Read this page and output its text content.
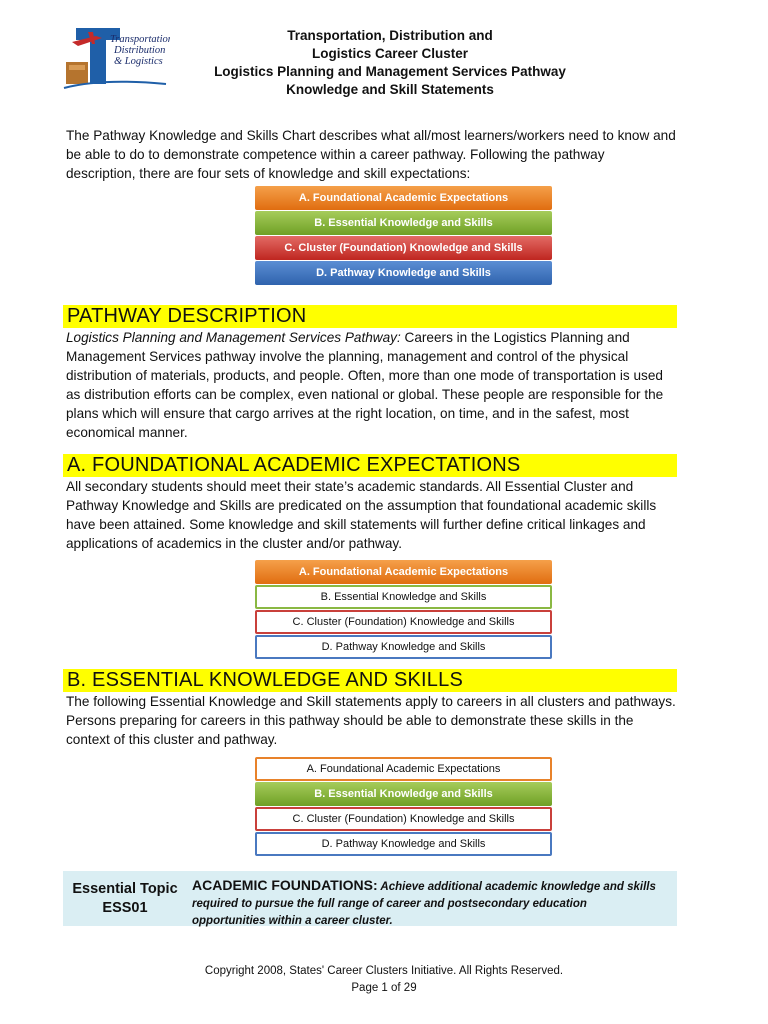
Transportation,
Distribution
& Logistics
Transportation, Distribution and
Logistics Career Cluster
Logistics Planning and Management Services Pathway
Knowledge and Skill Statements
The Pathway Knowledge and Skills Chart describes what all/most learners/workers need to know and be able to do to demonstrate competence within a career pathway. Following the pathway description, there are four sets of knowledge and skill expectations:
A. Foundational Academic Expectations
B. Essential Knowledge and Skills
C. Cluster (Foundation) Knowledge and Skills
D. Pathway Knowledge and Skills
PATHWAY DESCRIPTION
Logistics Planning and Management Services Pathway: Careers in the Logistics Planning and Management Services pathway involve the planning, management and control of the physical distribution of materials, products, and people. Often, more than one mode of transportation is used as distribution efforts can be complex, even national or global. These people are responsible for the plans which will ensure that cargo arrives at the right location, on time, and in the safest, most economical manner.
A. FOUNDATIONAL ACADEMIC EXPECTATIONS
All secondary students should meet their state’s academic standards. All Essential Cluster and Pathway Knowledge and Skills are predicated on the assumption that foundational academic skills have been attained. Some knowledge and skill statements will further define critical linkages and applications of academics in the cluster and/or pathway.
A. Foundational Academic Expectations
B. Essential Knowledge and Skills
C. Cluster (Foundation) Knowledge and Skills
D. Pathway Knowledge and Skills
B. ESSENTIAL KNOWLEDGE AND SKILLS
The following Essential Knowledge and Skill statements apply to careers in all clusters and pathways. Persons preparing for careers in this pathway should be able to demonstrate these skills in the context of this cluster and pathway.
A. Foundational Academic Expectations
B. Essential Knowledge and Skills
C. Cluster (Foundation) Knowledge and Skills
D. Pathway Knowledge and Skills
Essential Topic
ESS01
ACADEMIC FOUNDATIONS: Achieve additional academic knowledge and skills required to pursue the full range of career and postsecondary education opportunities within a career cluster.
Copyright 2008, States' Career Clusters Initiative. All Rights Reserved.
Page 1 of 29
